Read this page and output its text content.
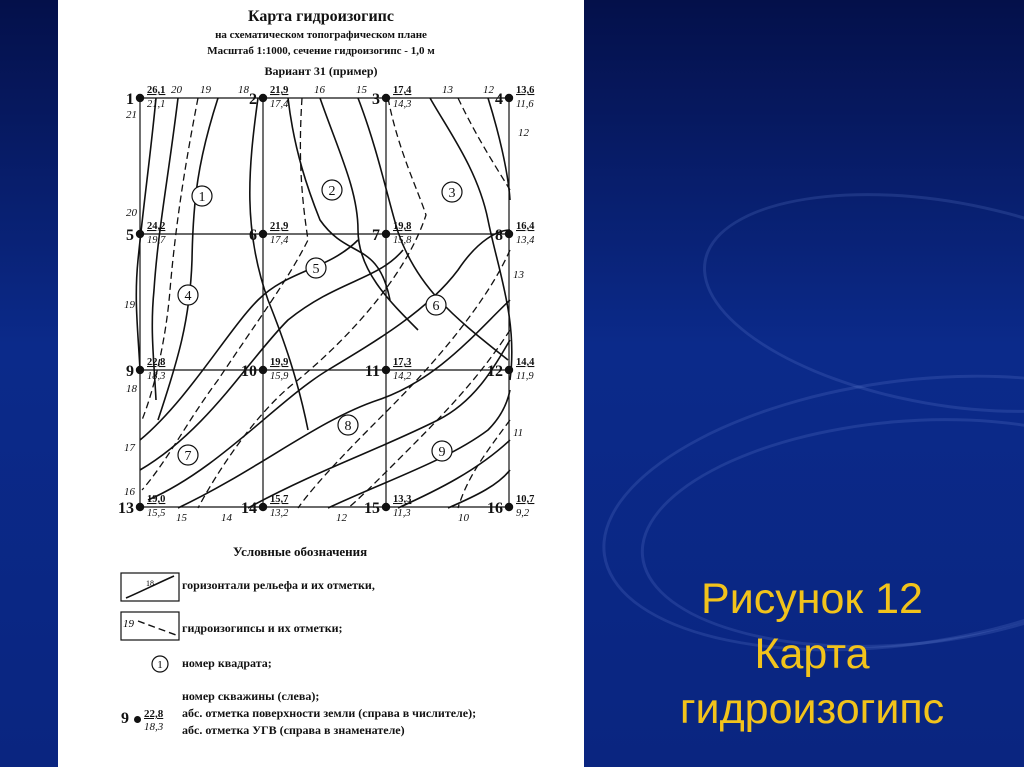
Карта гидроизогипс
на схематическом топографическом плане
Масштаб 1:1000, сечение гидроизогипс - 1,0 м
Вариант 31 (пример)
1
26,1
21,1	2
21,9
17,4	3
17,4
14,3	4
13,6
11,6
5
24,2
19,7	6
21,9
17,4	7
19,8
15,8	8
16,4
13,4
9
22,8
18,3	10
19,9
15,9	11
17,3
14,2	12
14,4
11,9
13
19,0
15,5	14
15,7
13,2	15
13,3
11,3	16
10,7
9,2
1	2	3
4
5
6
7
8
9
20 19 18	16	15	13	12
21
20
19
18
17
16
12
13
11
15	14	12	10
Условные обозначения
18 горизонтали рельефа и их отметки,
19	гидроизогипсы и их отметки;
1 номер квадрата;
9 22,8
18,3
номер скважины (слева);
абс. отметка поверхности земли (справа в числителе);
абс. отметка УГВ (справа в знаменателе)
Рисунок 12
Карта
гидроизогипс
